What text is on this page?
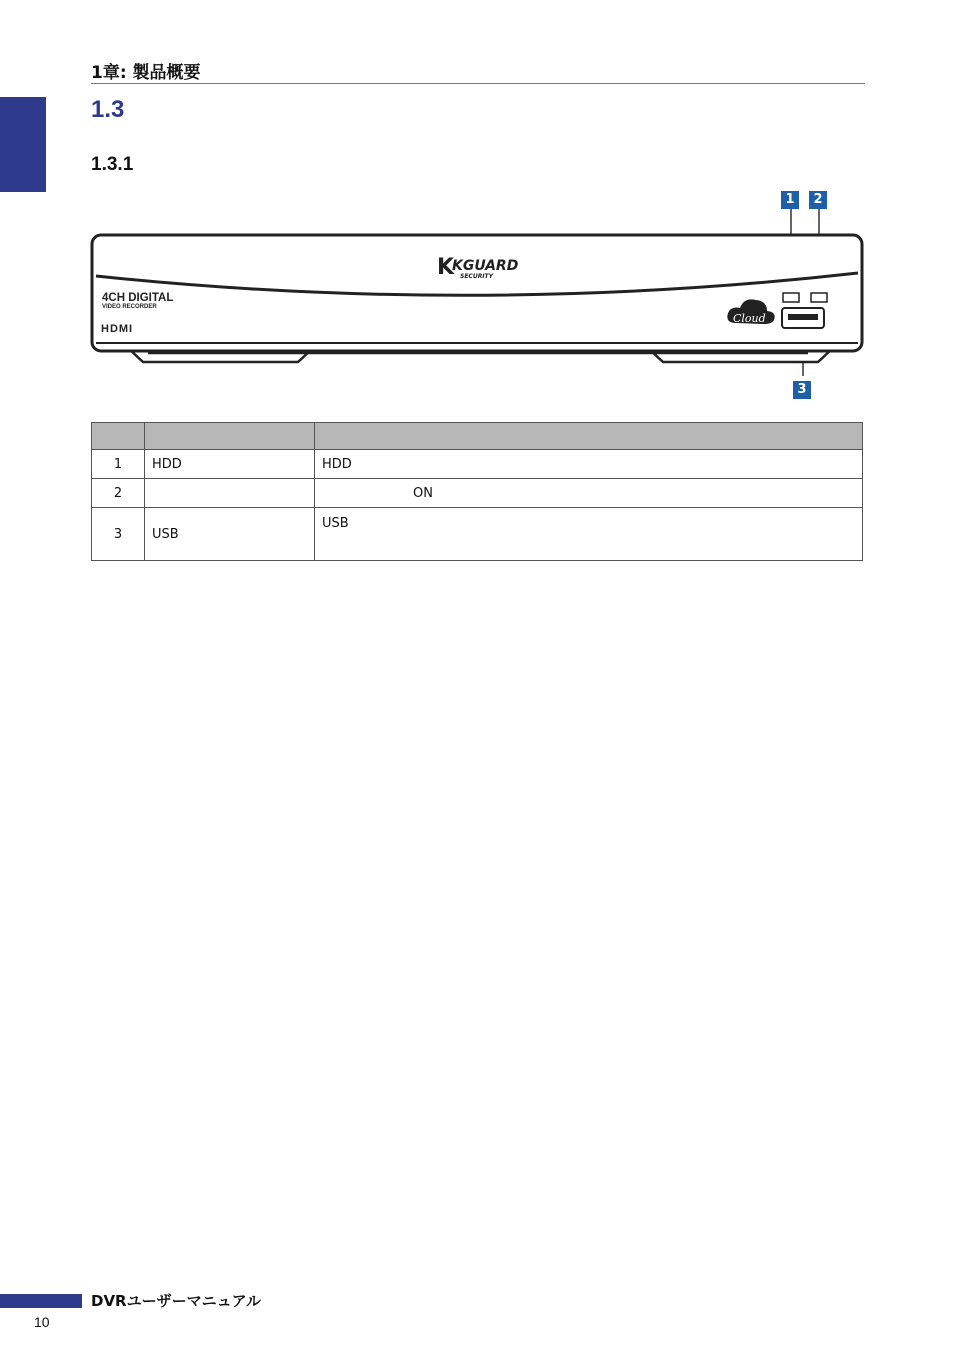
1章: 製品概要
1.3
1.3.1
K
KGUARD
SECURITY
4CH DIGITAL
VIDEO RECORDER
HDMI
Cloud
1	2
3

1	HDD	HDD
2		ON
3	USB	USB
DVRユーザーマニュアル
10
